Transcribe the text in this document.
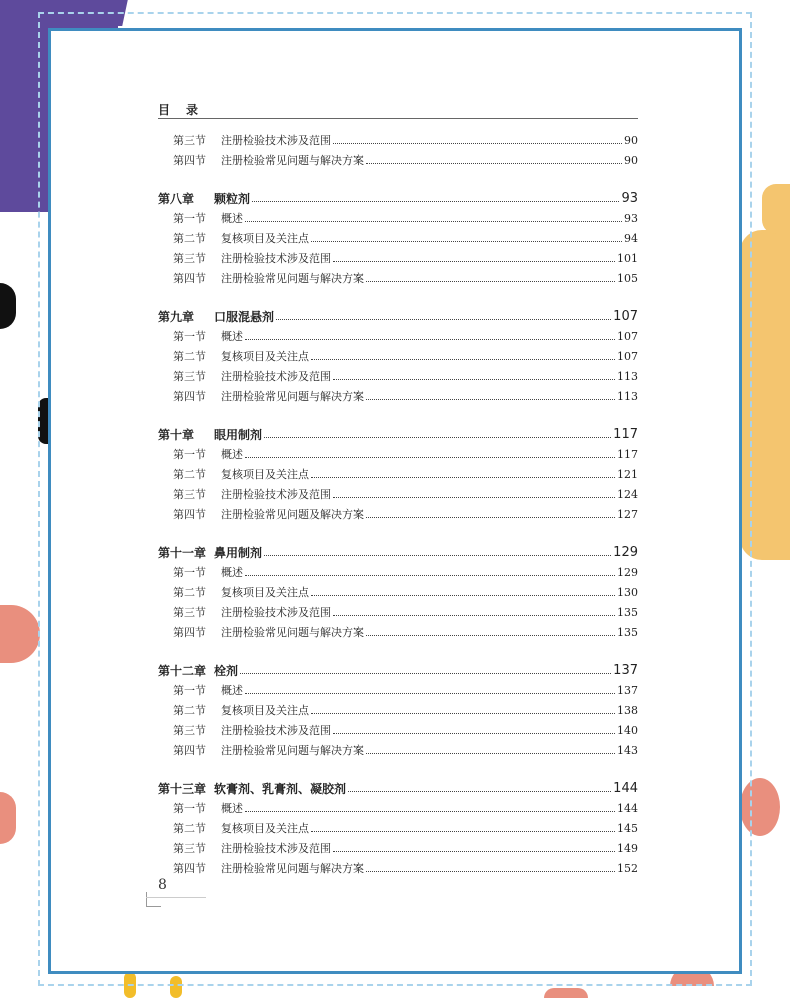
目录
第三节 注册检验技术涉及范围	90
第四节 注册检验常见问题与解决方案	90
第八章 颗粒剂	93
第一节 概述	93
第二节 复核项目及关注点	94
第三节 注册检验技术涉及范围	101
第四节 注册检验常见问题与解决方案	105
第九章 口服混悬剂	107
第一节 概述	107
第二节 复核项目及关注点	107
第三节 注册检验技术涉及范围	113
第四节 注册检验常见问题与解决方案	113
第十章 眼用制剂	117
第一节 概述	117
第二节 复核项目及关注点	121
第三节 注册检验技术涉及范围	124
第四节 注册检验常见问题及解决方案	127
第十一章 鼻用制剂	129
第一节 概述	129
第二节 复核项目及关注点	130
第三节 注册检验技术涉及范围	135
第四节 注册检验常见问题与解决方案	135
第十二章 栓剂	137
第一节 概述	137
第二节 复核项目及关注点	138
第三节 注册检验技术涉及范围	140
第四节 注册检验常见问题与解决方案	143
第十三章 软膏剂、乳膏剂、凝胶剂	144
第一节 概述	144
第二节 复核项目及关注点	145
第三节 注册检验技术涉及范围	149
第四节 注册检验常见问题与解决方案	152
8
